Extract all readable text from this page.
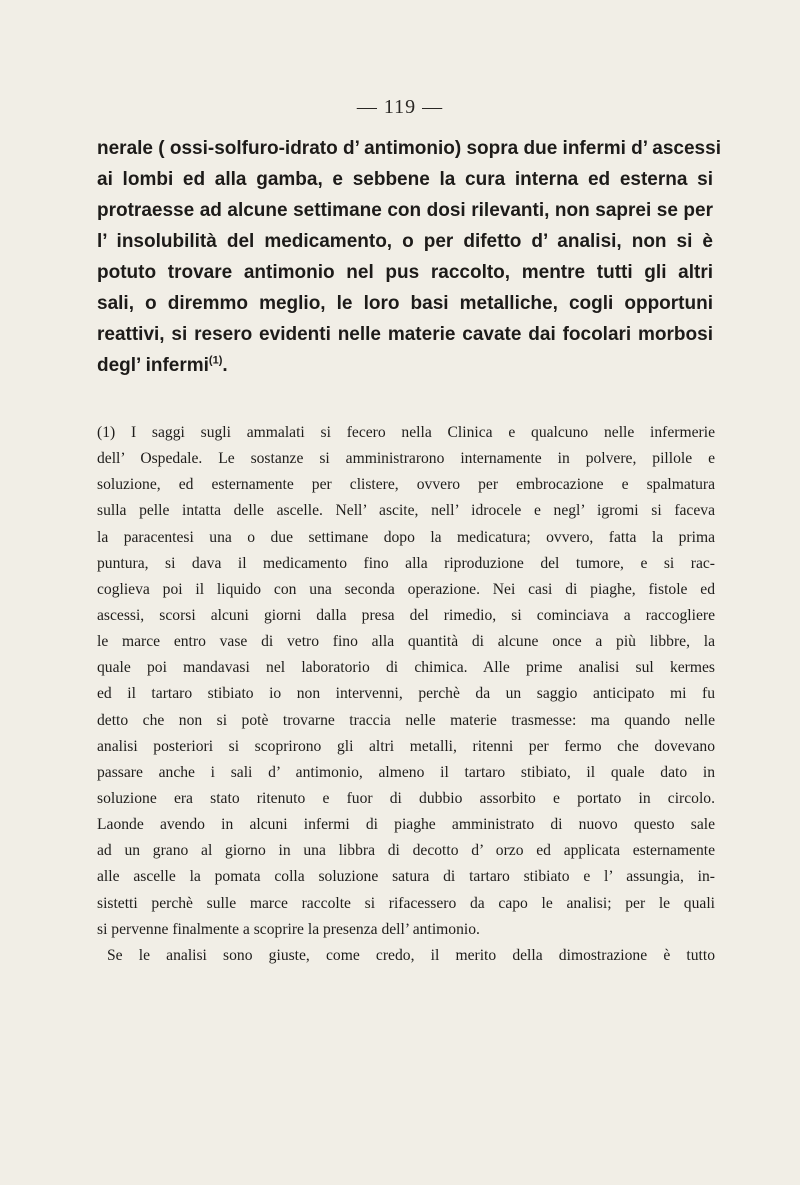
— 119 —
nerale ( ossi-solfuro-idrato d’ antimonio) sopra due infermi d’ ascessi
ai lombi ed alla gamba, e sebbene la cura interna ed esterna si
protraesse ad alcune settimane con dosi rilevanti, non saprei se per
l’ insolubilità del medicamento, o per difetto d’ analisi, non si è
potuto trovare antimonio nel pus raccolto, mentre tutti gli altri
sali, o diremmo meglio, le loro basi metalliche, cogli opportuni
reattivi, si resero evidenti nelle materie cavate dai focolari morbosi
degl’ infermi$^{(1)}$.
(1) I saggi sugli ammalati si fecero nella Clinica e qualcuno nelle infermerie
dell’ Ospedale. Le sostanze si amministrarono internamente in polvere, pillole e
soluzione, ed esternamente per clistere, ovvero per embrocazione e spalmatura
sulla pelle intatta delle ascelle. Nell’ ascite, nell’ idrocele e negl’ igromi si faceva
la paracentesi una o due settimane dopo la medicatura; ovvero, fatta la prima
puntura, si dava il medicamento fino alla riproduzione del tumore, e si rac-
coglieva poi il liquido con una seconda operazione. Nei casi di piaghe, fistole ed
ascessi, scorsi alcuni giorni dalla presa del rimedio, si cominciava a raccogliere
le marce entro vase di vetro fino alla quantità di alcune once a più libbre, la
quale poi mandavasi nel laboratorio di chimica. Alle prime analisi sul kermes
ed il tartaro stibiato io non intervenni, perchè da un saggio anticipato mi fu
detto che non si potè trovarne traccia nelle materie trasmesse: ma quando nelle
analisi posteriori si scoprirono gli altri metalli, ritenni per fermo che dovevano
passare anche i sali d’ antimonio, almeno il tartaro stibiato, il quale dato in
soluzione era stato ritenuto e fuor di dubbio assorbito e portato in circolo.
Laonde avendo in alcuni infermi di piaghe amministrato di nuovo questo sale
ad un grano al giorno in una libbra di decotto d’ orzo ed applicata esternamente
alle ascelle la pomata colla soluzione satura di tartaro stibiato e l’ assungia, in-
sistetti perchè sulle marce raccolte si rifacessero da capo le analisi; per le quali
si pervenne finalmente a scoprire la presenza dell’ antimonio.
Se le analisi sono giuste, come credo, il merito della dimostrazione è tutto
